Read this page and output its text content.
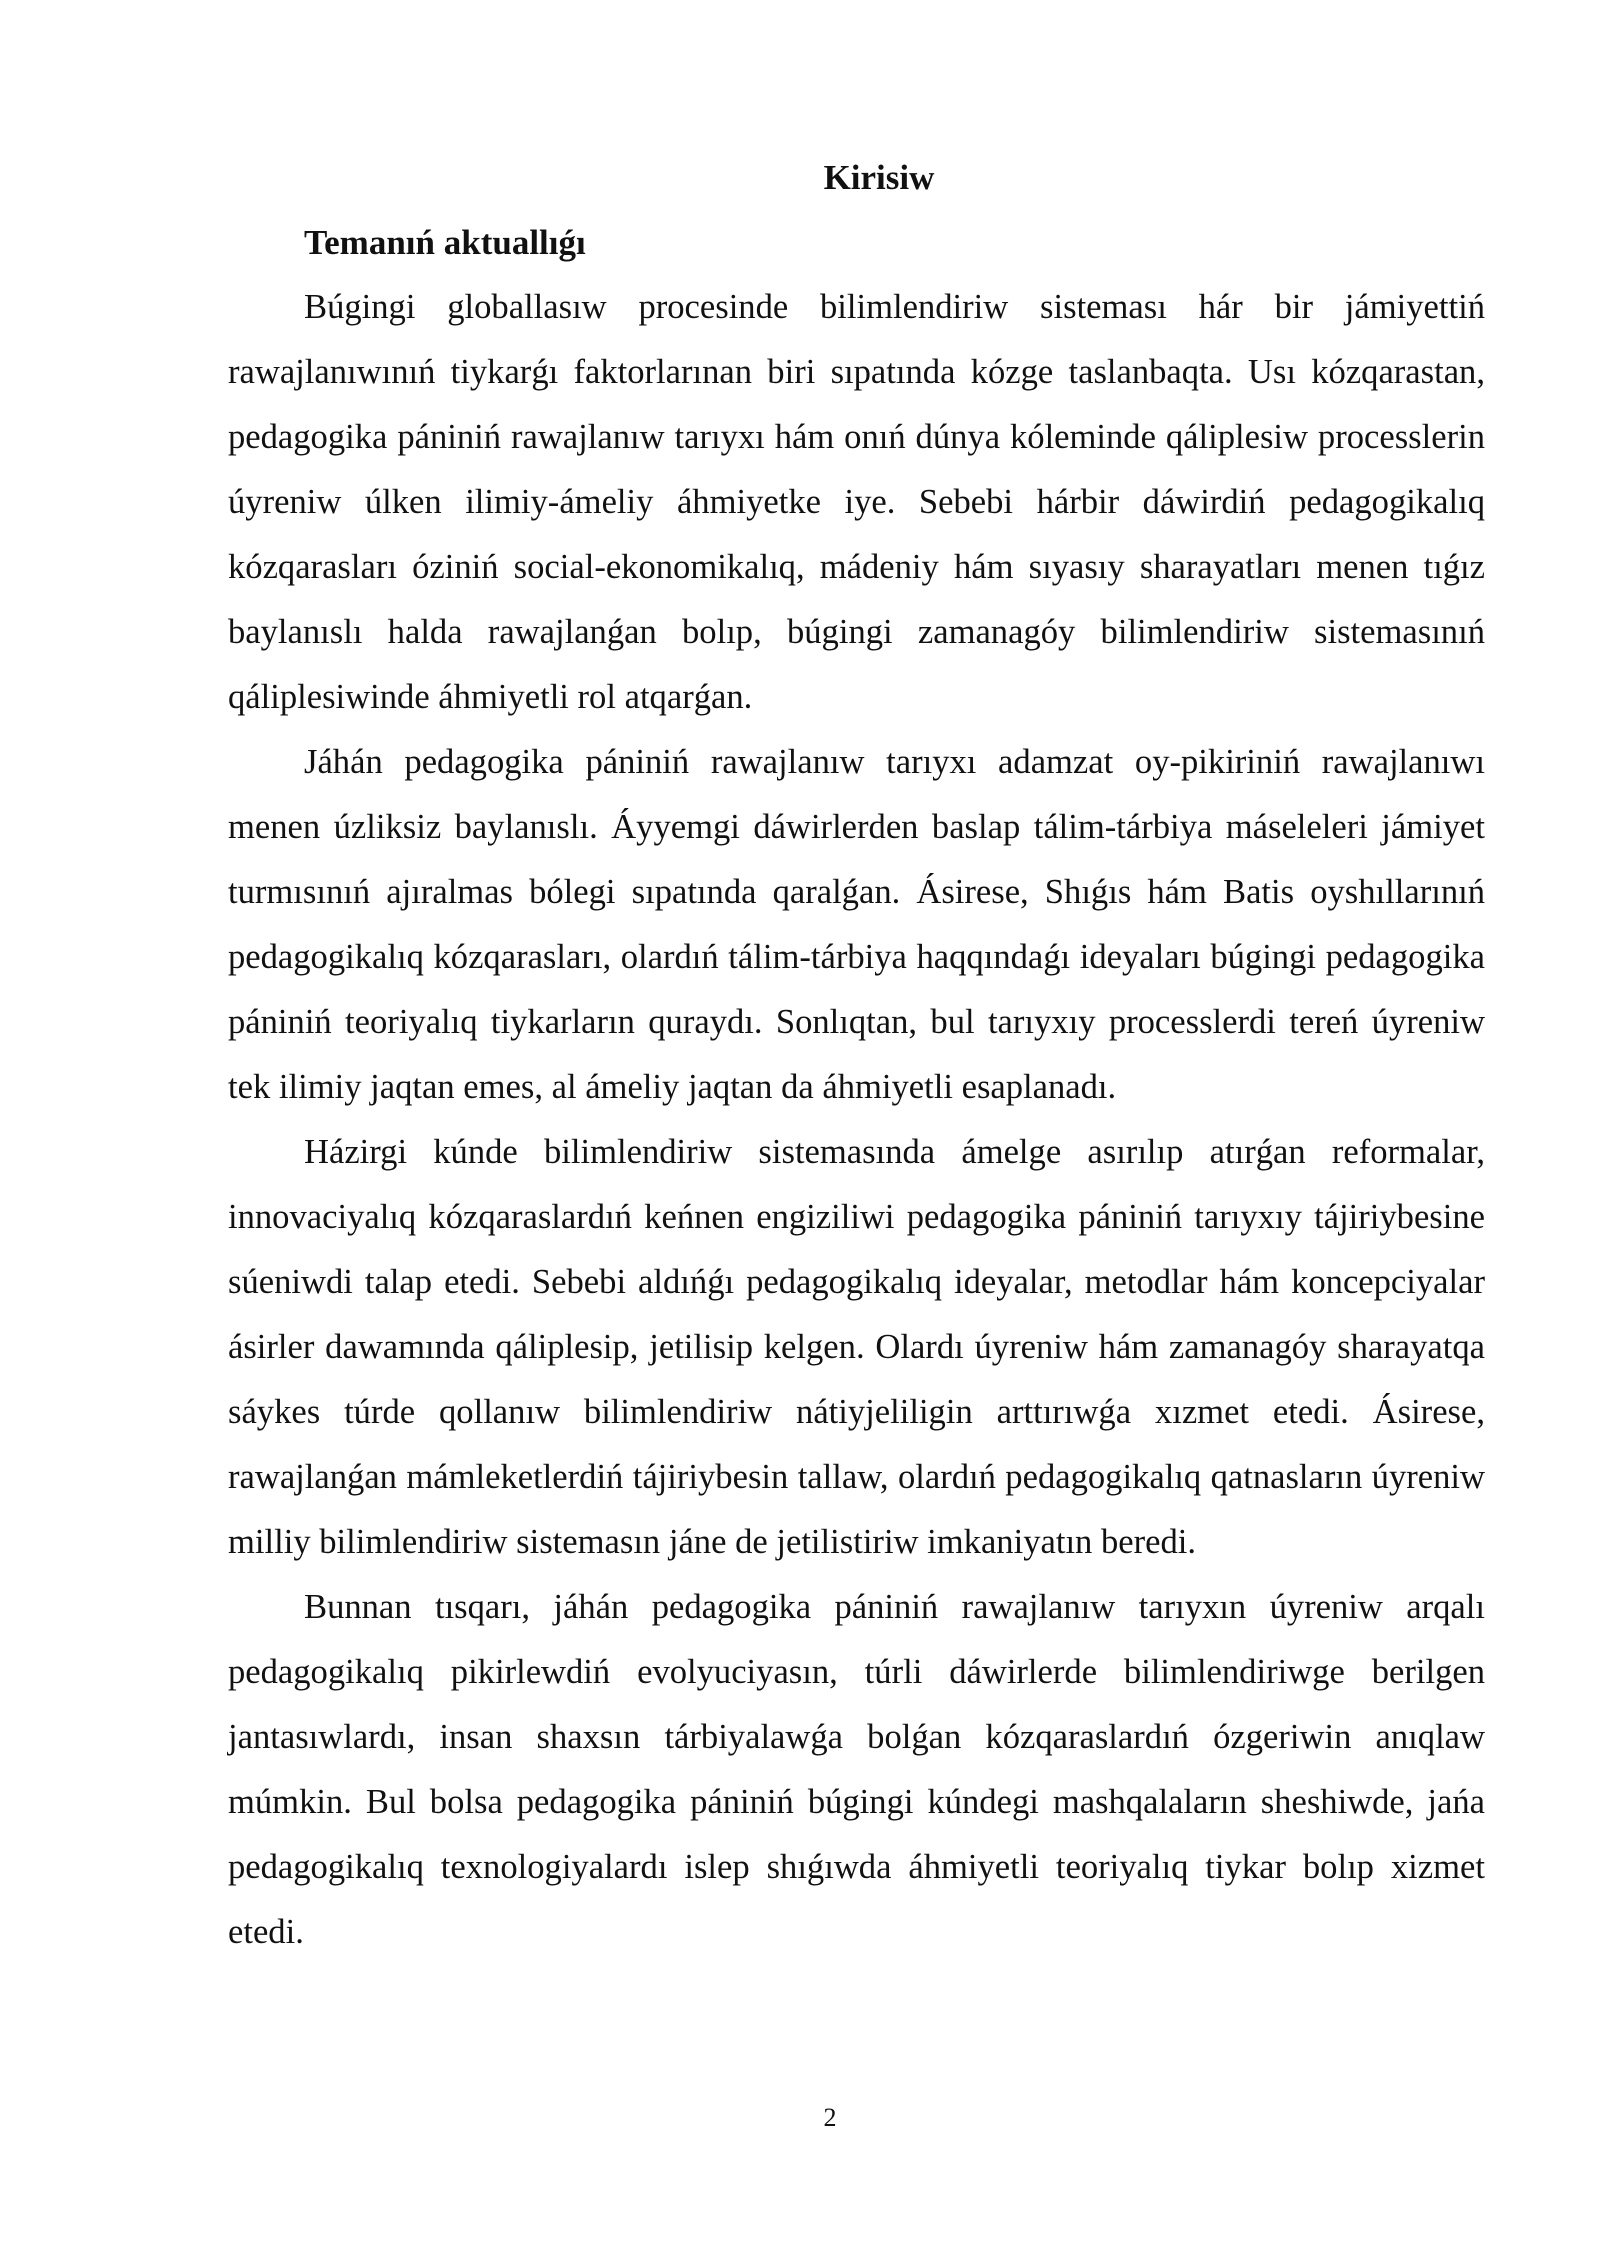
Kirisiw
Temanıń aktuallıǵı

Búgingi globallasıw procesinde bilimlendiriw sisteması hár bir jámiyettiń rawajlanıwınıń tiykarǵı faktorlarınan biri sıpatında kózge taslanbaqta. Usı kózqarastan, pedagogika pániniń rawajlanıw tarıyxı hám onıń dúnya kóleminde qáliplesiw processlerin úyreniw úlken ilimiy-ámeliy áhmiyetke iye. Sebebi hárbir dáwirdiń pedagogikalıq kózqarasları óziniń social-ekonomikalıq, mádeniy hám sıyasıy sharayatları menen tıǵız baylanıslı halda rawajlanǵan bolıp, búgingi zamanagóy bilimlendiriw sistemasınıń qáliplesiwinde áhmiyetli rol atqarǵan.

Jáhán pedagogika pániniń rawajlanıw tarıyxı adamzat oy-pikiriniń rawajlanıwı menen úzliksiz baylanıslı. Áyyemgi dáwirlerden baslap tálim-tárbiya máseleleri jámiyet turmısınıń ajıralmas bólegi sıpatında qaralǵan. Ásirese, Shıǵıs hám Batis oyshıllarınıń pedagogikalıq kózqarasları, olardıń tálim-tárbiya haqqındaǵı ideyaları búgingi pedagogika pániniń teoriyalıq tiykarların quraydı. Sonlıqtan, bul tarıyxıy processlerdi tereń úyreniw tek ilimiy jaqtan emes, al ámeliy jaqtan da áhmiyetli esaplanadı.

Házirgi kúnde bilimlendiriw sistemasında ámelge asırılıp atırǵan reformalar, innovaciyalıq kózqaraslardıń keńnen engiziliwi pedagogika pániniń tarıyxıy tájiriybesine súeniwdi talap etedi. Sebebi aldıńǵı pedagogikalıq ideyalar, metodlar hám koncepciyalar ásirler dawamında qáliplesip, jetilisip kelgen. Olardı úyreniw hám zamanagóy sharayatqa sáykes túrde qollanıw bilimlendiriw nátiyjeliligin arttırıwǵa xızmet etedi. Ásirese, rawajlanǵan mámleketlerdiń tájiriybesin tallaw, olardıń pedagogikalıq qatnasların úyreniw milliy bilimlendiriw sistemasın jáne de jetilistiriw imkaniyatın beredi.

Bunnan tısqarı, jáhán pedagogika pániniń rawajlanıw tarıyxın úyreniw arqalı pedagogikalıq pikirlewdiń evolyuciyasın, túrli dáwirlerde bilimlendiriwge berilgen jantasıwlardı, insan shaxsın tárbiyalawǵa bolǵan kózqaraslardıń ózgeriwin anıqlaw múmkin. Bul bolsa pedagogika pániniń búgingi kúndegi mashqalaların sheshiwde, jańa pedagogikalıq texnologiyalardı islep shıǵıwda áhmiyetli teoriyalıq tiykar bolıp xizmet etedi.

2
